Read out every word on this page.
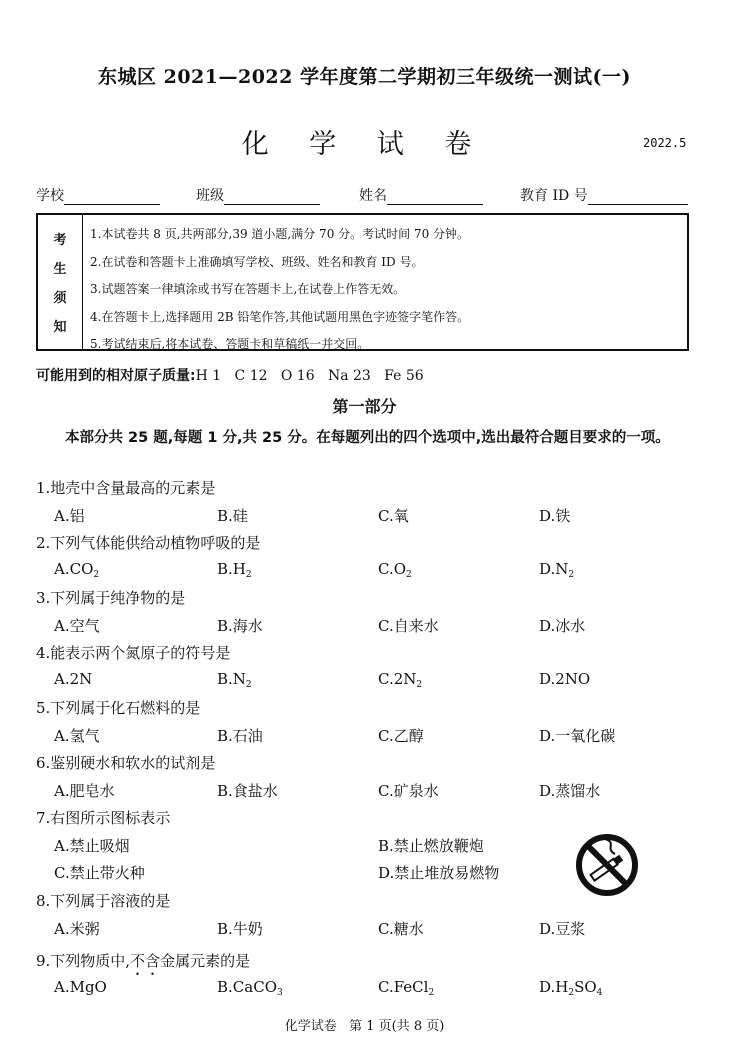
东城区 2021—2022 学年度第二学期初三年级统一测试(一)
化 学 试 卷	2022.5
学校	班级	姓名	教育 ID 号
考
生
须
知
1.本试卷共 8 页,共两部分,39 道小题,满分 70 分。考试时间 70 分钟。
2.在试卷和答题卡上准确填写学校、班级、姓名和教育 ID 号。
3.试题答案一律填涂或书写在答题卡上,在试卷上作答无效。
4.在答题卡上,选择题用 2B 铅笔作答,其他试题用黑色字迹签字笔作答。
5.考试结束后,将本试卷、答题卡和草稿纸一并交回。
可能用到的相对原子质量:H 1   C 12   O 16   Na 23   Fe 56
第一部分
本部分共 25 题,每题 1 分,共 25 分。在每题列出的四个选项中,选出最符合题目要求的一项。
1.地壳中含量最高的元素是
A.铝	B.硅	C.氧	D.铁
2.下列气体能供给动植物呼吸的是
$A.CO_2$	$B.H_2$	$C.O_2$	$D.N_2$
3.下列属于纯净物的是
A.空气	B.海水	C.自来水	D.冰水
4.能表示两个氮原子的符号是
A.2N	$B.N_2$	$C.2N_2$	D.2NO
5.下列属于化石燃料的是
A.氢气	B.石油	C.乙醇	D.一氧化碳
6.鉴别硬水和软水的试剂是
A.肥皂水	B.食盐水	C.矿泉水	D.蒸馏水
7.右图所示图标表示
A.禁止吸烟	B.禁止燃放鞭炮
C.禁止带火种	D.禁止堆放易燃物
8.下列属于溶液的是
A.米粥	B.牛奶	C.糖水	D.豆浆
9.下列物质中,不含金属元素的是
A.MgO	B.CaCO$_3$	C.FeCl$_2$	$D.H_2SO_4$
化学试卷   第 1 页(共 8 页)
